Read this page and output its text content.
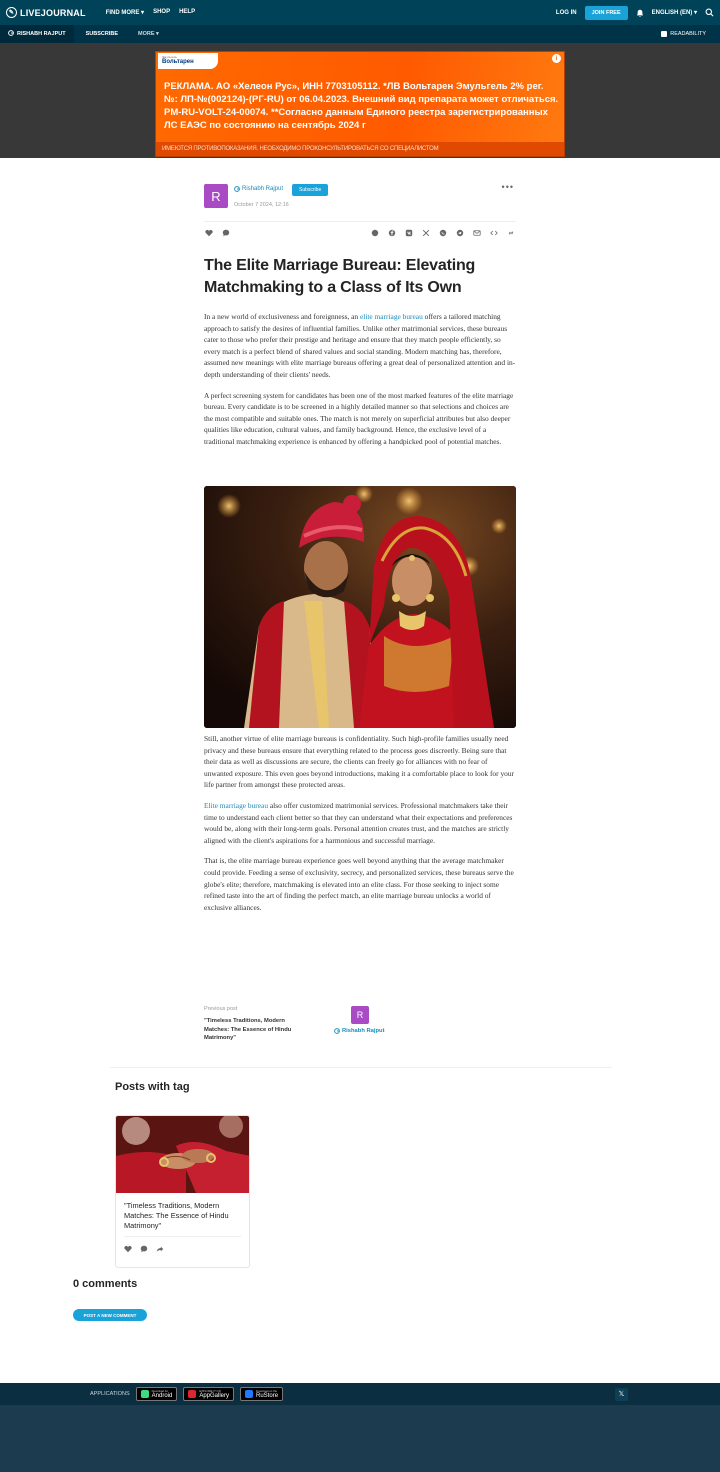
✎ LIVEJOURNAL	FIND MORE ▾ SHOP HELP	LOG IN	JOIN FREE	ENGLISH (EN) ▾
RISHABH RAJPUT	SUBSCRIBE	MORE ▾	READABILITY
Эмульгель
Вольтарен
i
РЕКЛАМА. АО «Хелеон Рус», ИНН 7703105112. *ЛВ Вольтарен Эмульгель 2% рег. №: ЛП-№(002124)-(РГ-RU) от 06.04.2023. Внешний вид препарата может отличаться. PM-RU-VOLT-24-00074. **Согласно данным Единого реестра зарегистрированных ЛС ЕАЭС по состоянию на сентябрь 2024 г
ИМЕЮТСЯ ПРОТИВОПОКАЗАНИЯ. НЕОБХОДИМО ПРОКОНСУЛЬТИРОВАТЬСЯ СО СПЕЦИАЛИСТОМ
R	Rishabh Rajput	Subscribe
October 7 2024, 12:16
•••
The Elite Marriage Bureau: Elevating Matchmaking to a Class of Its Own

In a new world of exclusiveness and foreignness, an elite marriage bureau offers a tailored matching approach to satisfy the desires of influential families. Unlike other matrimonial services, these bureaus cater to those who prefer their prestige and heritage and ensure that they match people efficiently, so every match is a perfect blend of shared values and social standing. Modern matching has, therefore, assumed new meanings with elite marriage bureaus offering a great deal of personalized attention and in-depth understanding of their clients' needs.

A perfect screening system for candidates has been one of the most marked features of the elite marriage bureau. Every candidate is to be screened in a highly detailed manner so that selections and choices are the most compatible and suitable ones. The match is not merely on superficial attributes but also deeper qualities like education, cultural values, and family background. Hence, the exclusive level of a traditional matchmaking experience is enhanced by offering a handpicked pool of potential matches.

Still, another virtue of elite marriage bureaus is confidentiality. Such high-profile families usually need privacy and these bureaus ensure that everything related to the process goes discreetly. Being sure that their data as well as discussions are secure, the clients can freely go for alliances with no fear of unwanted exposure. This even goes beyond introductions, making it a comfortable place to look for your life partner from amongst these protected areas.

Elite marriage bureau also offer customized matrimonial services. Professional matchmakers take their time to understand each client better so that they can understand what their expectations and preferences would be, along with their long-term goals. Personal attention creates trust, and the matches are strictly aligned with the client's aspirations for a harmonious and successful marriage.

That is, the elite marriage bureau experience goes well beyond anything that the average matchmaker could provide. Feeding a sense of exclusivity, secrecy, and personalized services, these bureaus serve the globe's elite; therefore, matchmaking is elevated into an elite class. For those seeking to inject some refined taste into the art of finding the perfect match, an elite marriage bureau unlocks a world of exclusive alliances.

Previous post
"Timeless Traditions, Modern Matches: The Essence of Hindu Matrimony"
R
Rishabh Rajput
Posts with tag
"Timeless Traditions, Modern Matches: The Essence of Hindu Matrimony"
0 comments
POST A NEW COMMENT
APPLICATIONS	Download for
Android
EXPLORE IT ON
AppGallery
Download on the
RuStore	𝕏
